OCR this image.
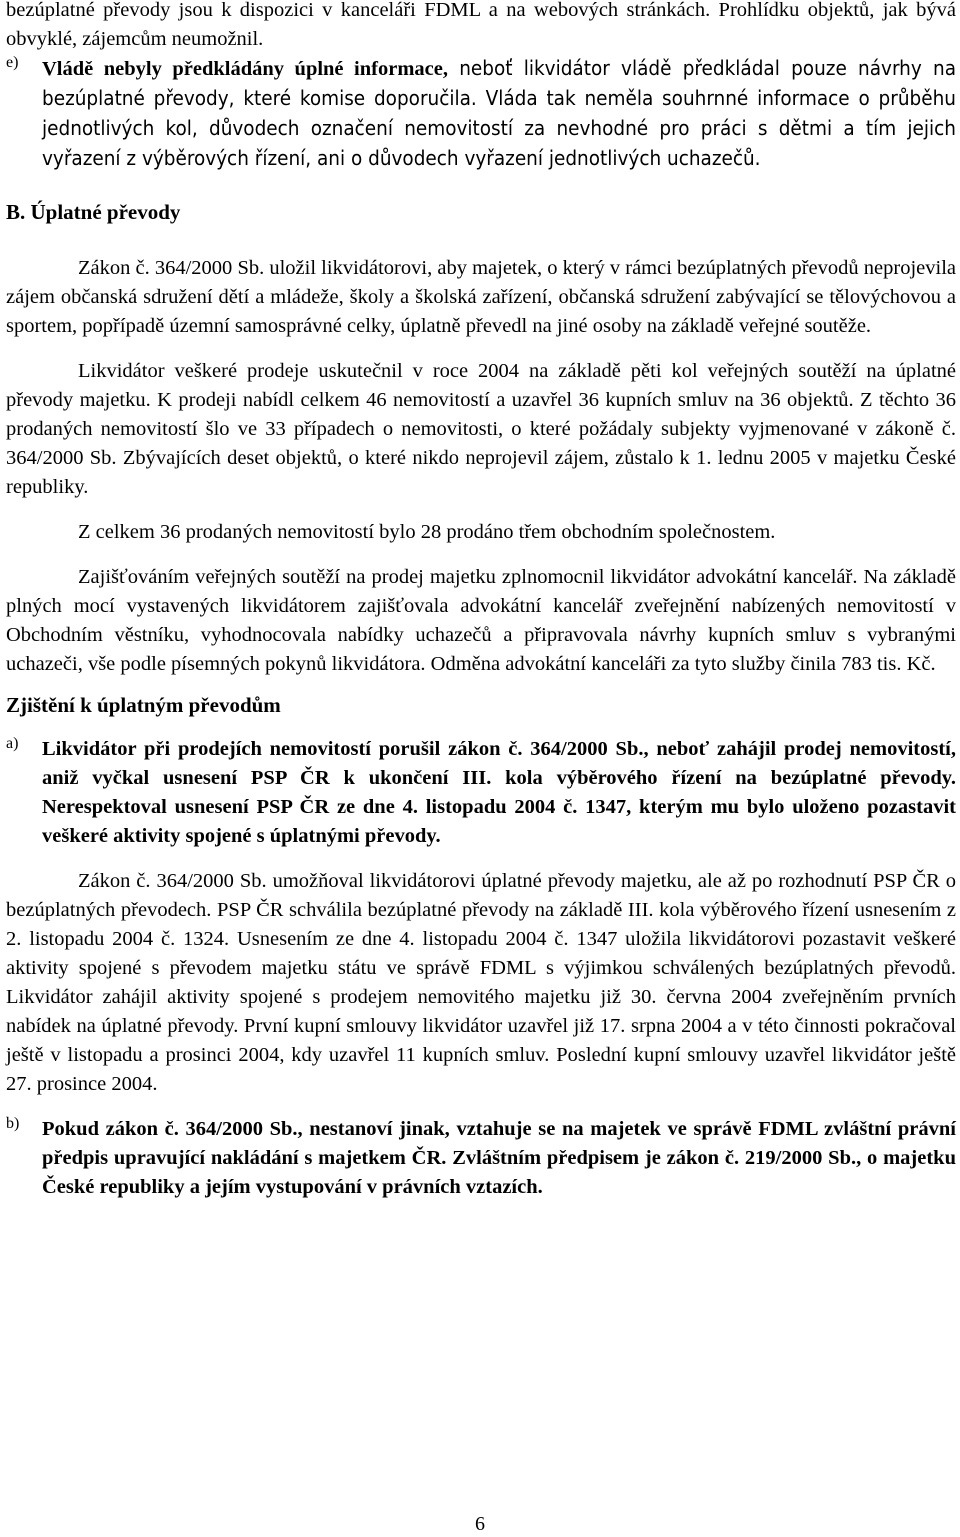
bezúplatné převody jsou k dispozici v kanceláři FDML a na webových stránkách. Prohlídku objektů, jak bývá obvyklé, zájemcům neumožnil.

e)	Vládě nebyly předkládány úplné informace, neboť likvidátor vládě předkládal pouze návrhy na bezúplatné převody, které komise doporučila. Vláda tak neměla souhrnné informace o průběhu jednotlivých kol, důvodech označení nemovitostí za nevhodné pro práci s dětmi a tím jejich vyřazení z výběrových řízení, ani o důvodech vyřazení jednotlivých uchazečů.

B. Úplatné převody

Zákon č. 364/2000 Sb. uložil likvidátorovi, aby majetek, o který v rámci bezúplatných převodů neprojevila zájem občanská sdružení dětí a mládeže, školy a školská zařízení, občanská sdružení zabývající se tělovýchovou a sportem, popřípadě územní samosprávné celky, úplatně převedl na jiné osoby na základě veřejné soutěže.

Likvidátor veškeré prodeje uskutečnil v roce 2004 na základě pěti kol veřejných soutěží na úplatné převody majetku. K prodeji nabídl celkem 46 nemovitostí a uzavřel 36 kupních smluv na 36 objektů. Z těchto 36 prodaných nemovitostí šlo ve 33 případech o nemovitosti, o které požádaly subjekty vyjmenované v zákoně č. 364/2000 Sb. Zbývajících deset objektů, o které nikdo neprojevil zájem, zůstalo k 1. lednu 2005 v majetku České republiky.

Z celkem 36 prodaných nemovitostí bylo 28 prodáno třem obchodním společnostem.

Zajišťováním veřejných soutěží na prodej majetku zplnomocnil likvidátor advokátní kancelář. Na základě plných mocí vystavených likvidátorem zajišťovala advokátní kancelář zveřejnění nabízených nemovitostí v Obchodním věstníku, vyhodnocovala nabídky uchazečů a připravovala návrhy kupních smluv s vybranými uchazeči, vše podle písemných pokynů likvidátora. Odměna advokátní kanceláři za tyto služby činila 783 tis. Kč.

Zjištění k úplatným převodům

a)	Likvidátor při prodejích nemovitostí porušil zákon č. 364/2000 Sb., neboť zahájil prodej nemovitostí, aniž vyčkal usnesení PSP ČR k ukončení III. kola výběrového řízení na bezúplatné převody. Nerespektoval usnesení PSP ČR ze dne 4. listopadu 2004 č. 1347, kterým mu bylo uloženo pozastavit veškeré aktivity spojené s úplatnými převody.

Zákon č. 364/2000 Sb. umožňoval likvidátorovi úplatné převody majetku, ale až po rozhodnutí PSP ČR o bezúplatných převodech. PSP ČR schválila bezúplatné převody na základě III. kola výběrového řízení usnesením z 2. listopadu 2004 č. 1324. Usnesením ze dne 4. listopadu 2004 č. 1347 uložila likvidátorovi pozastavit veškeré aktivity spojené s převodem majetku státu ve správě FDML s výjimkou schválených bezúplatných převodů. Likvidátor zahájil aktivity spojené s prodejem nemovitého majetku již 30. června 2004 zveřejněním prvních nabídek na úplatné převody. První kupní smlouvy likvidátor uzavřel již 17. srpna 2004 a v této činnosti pokračoval ještě v listopadu a prosinci 2004, kdy uzavřel 11 kupních smluv. Poslední kupní smlouvy uzavřel likvidátor ještě 27. prosince 2004.

b)	Pokud zákon č. 364/2000 Sb., nestanoví jinak, vztahuje se na majetek ve správě FDML zvláštní právní předpis upravující nakládání s majetkem ČR. Zvláštním předpisem je zákon č. 219/2000 Sb., o majetku České republiky a jejím vystupování v právních vztazích.

6
